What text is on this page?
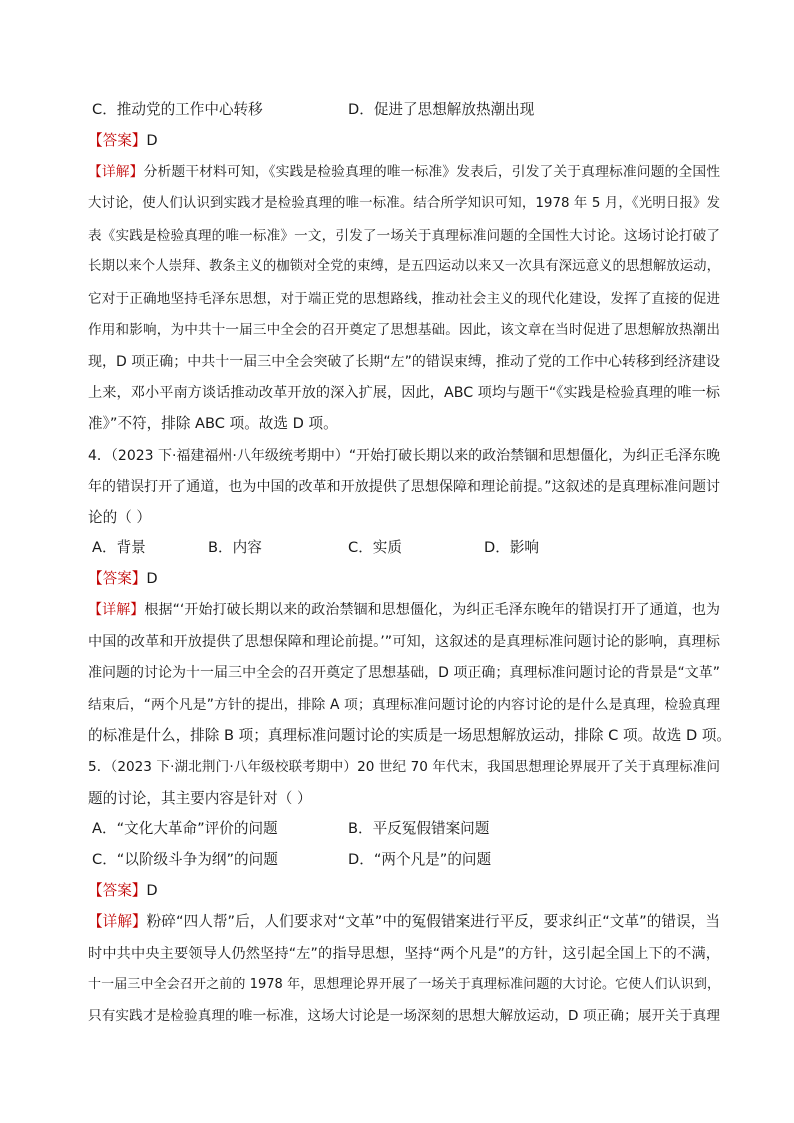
C．推动党的工作中心转移	D．促进了思想解放热潮出现
【答案】D
【详解】分析题干材料可知，《实践是检验真理的唯一标准》发表后，引发了关于真理标准问题的全国性
大讨论，使人们认识到实践才是检验真理的唯一标准。结合所学知识可知，1978 年 5 月，《光明日报》发
表《实践是检验真理的唯一标准》一文，引发了一场关于真理标准问题的全国性大讨论。这场讨论打破了
长期以来个人崇拜、教条主义的枷锁对全党的束缚，是五四运动以来又一次具有深远意义的思想解放运动，
它对于正确地坚持毛泽东思想，对于端正党的思想路线，推动社会主义的现代化建设，发挥了直接的促进
作用和影响，为中共十一届三中全会的召开奠定了思想基础。因此，该文章在当时促进了思想解放热潮出
现，D 项正确；中共十一届三中全会突破了长期“左”的错误束缚，推动了党的工作中心转移到经济建设
上来，邓小平南方谈话推动改革开放的深入扩展，因此，ABC 项均与题干“《实践是检验真理的唯一标
准》”不符，排除 ABC 项。故选 D 项。
4．（2023 下·福建福州·八年级统考期中）“开始打破长期以来的政治禁锢和思想僵化，为纠正毛泽东晚
年的错误打开了通道，也为中国的改革和开放提供了思想保障和理论前提。”这叙述的是真理标准问题讨
论的（ ）
A．背景	B．内容	C．实质	D．影响
【答案】D
【详解】根据“‘开始打破长期以来的政治禁锢和思想僵化，为纠正毛泽东晚年的错误打开了通道，也为
中国的改革和开放提供了思想保障和理论前提。’”可知，这叙述的是真理标准问题讨论的影响，真理标
准问题的讨论为十一届三中全会的召开奠定了思想基础，D 项正确；真理标准问题讨论的背景是“文革”
结束后，“两个凡是”方针的提出，排除 A 项；真理标准问题讨论的内容讨论的是什么是真理，检验真理
的标准是什么，排除 B 项；真理标准问题讨论的实质是一场思想解放运动，排除 C 项。故选 D 项。
5．（2023 下·湖北荆门·八年级校联考期中）20 世纪 70 年代末，我国思想理论界展开了关于真理标准问
题的讨论，其主要内容是针对（ ）
A．“文化大革命”评价的问题	B．平反冤假错案问题
C．“以阶级斗争为纲”的问题	D．“两个凡是”的问题
【答案】D
【详解】粉碎“四人帮”后，人们要求对“文革”中的冤假错案进行平反，要求纠正“文革”的错误，当
时中共中央主要领导人仍然坚持“左”的指导思想，坚持“两个凡是”的方针，这引起全国上下的不满，
十一届三中全会召开之前的 1978 年，思想理论界开展了一场关于真理标准问题的大讨论。它使人们认识到，
只有实践才是检验真理的唯一标准，这场大讨论是一场深刻的思想大解放运动，D 项正确；展开关于真理
